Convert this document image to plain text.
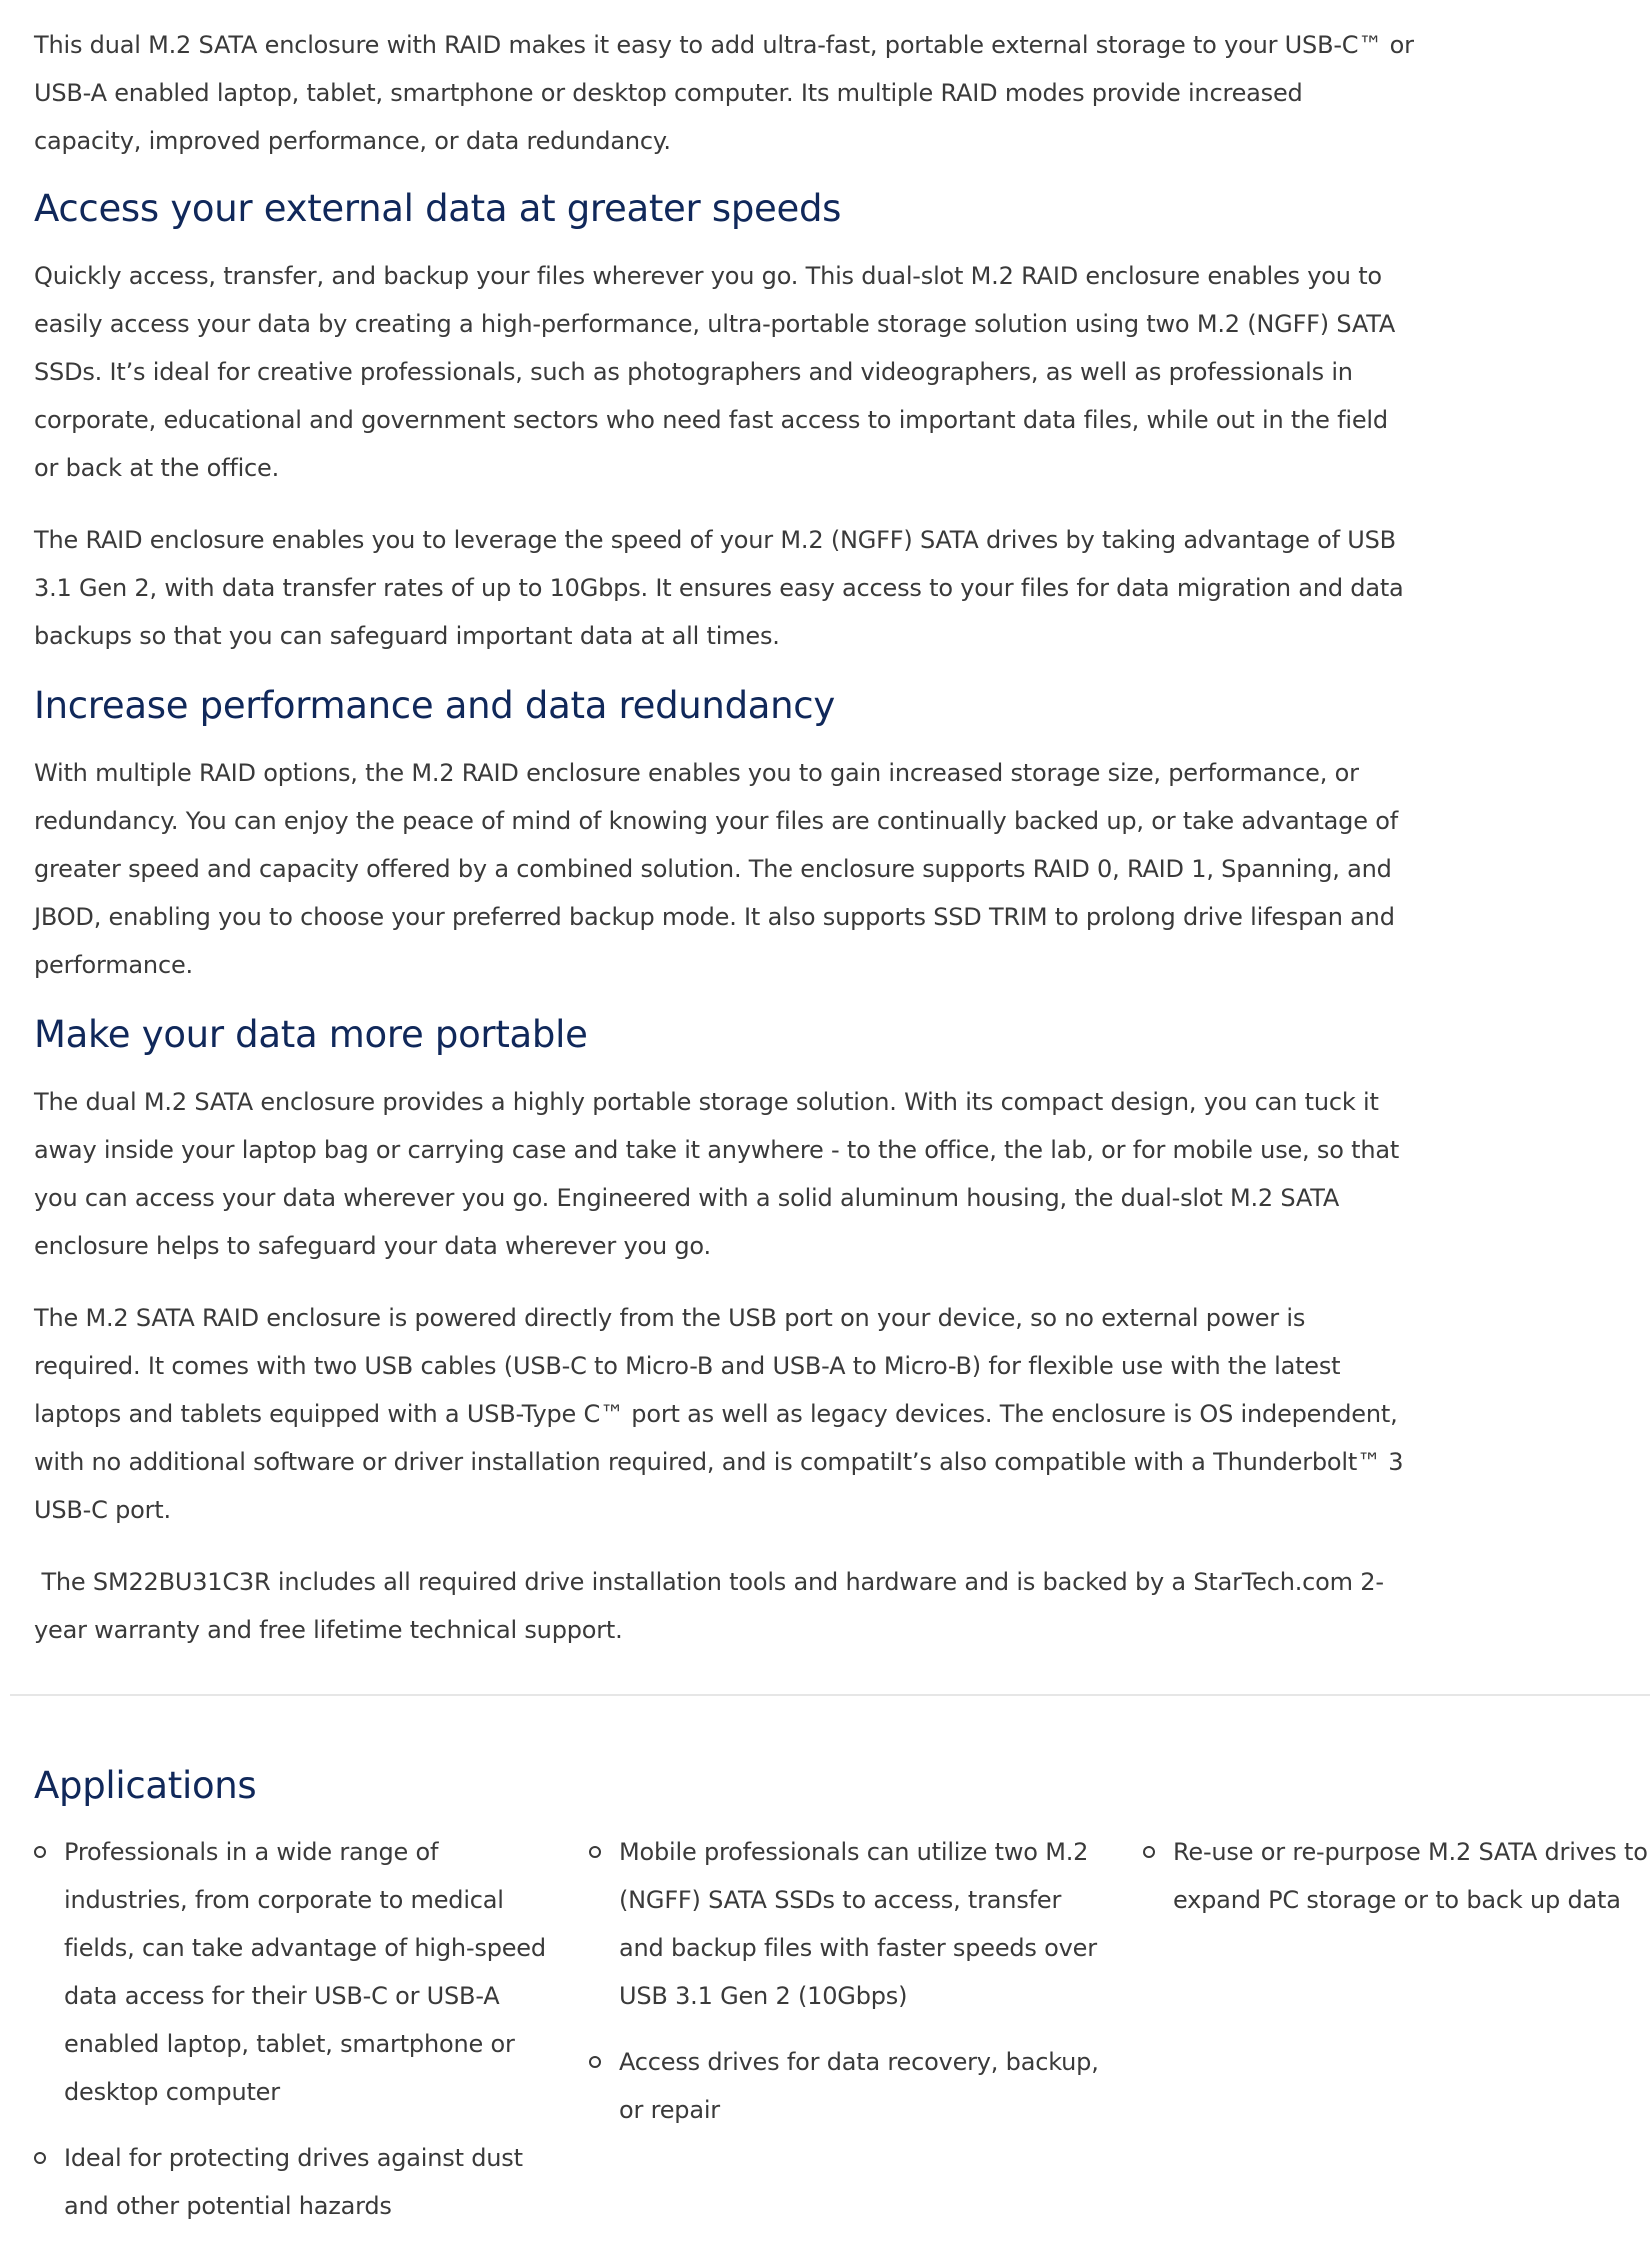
This dual M.2 SATA enclosure with RAID makes it easy to add ultra-fast, portable external storage to your USB-C™ or USB-A enabled laptop, tablet, smartphone or desktop computer. Its multiple RAID modes provide increased capacity, improved performance, or data redundancy.

Access your external data at greater speeds

Quickly access, transfer, and backup your files wherever you go. This dual-slot M.2 RAID enclosure enables you to easily access your data by creating a high-performance, ultra-portable storage solution using two M.2 (NGFF) SATA SSDs. It’s ideal for creative professionals, such as photographers and videographers, as well as professionals in corporate, educational and government sectors who need fast access to important data files, while out in the field or back at the office.

The RAID enclosure enables you to leverage the speed of your M.2 (NGFF) SATA drives by taking advantage of USB 3.1 Gen 2, with data transfer rates of up to 10Gbps. It ensures easy access to your files for data migration and data backups so that you can safeguard important data at all times.

Increase performance and data redundancy

With multiple RAID options, the M.2 RAID enclosure enables you to gain increased storage size, performance, or redundancy. You can enjoy the peace of mind of knowing your files are continually backed up, or take advantage of greater speed and capacity offered by a combined solution. The enclosure supports RAID 0, RAID 1, Spanning, and JBOD, enabling you to choose your preferred backup mode. It also supports SSD TRIM to prolong drive lifespan and performance.

Make your data more portable

The dual M.2 SATA enclosure provides a highly portable storage solution. With its compact design, you can tuck it away inside your laptop bag or carrying case and take it anywhere - to the office, the lab, or for mobile use, so that you can access your data wherever you go. Engineered with a solid aluminum housing, the dual-slot M.2 SATA enclosure helps to safeguard your data wherever you go.

The M.2 SATA RAID enclosure is powered directly from the USB port on your device, so no external power is required. It comes with two USB cables (USB-C to Micro-B and USB-A to Micro-B) for flexible use with the latest laptops and tablets equipped with a USB-Type C™ port as well as legacy devices. The enclosure is OS independent, with no additional software or driver installation required, and is compatiIt’s also compatible with a Thunderbolt™ 3 USB-C port.

The SM22BU31C3R includes all required drive installation tools and hardware and is backed by a StarTech.com 2-year warranty and free lifetime technical support.

Applications
Professionals in a wide range of industries, from corporate to medical fields, can take advantage of high-speed data access for their USB-C or USB-A enabled laptop, tablet, smartphone or desktop computer
Ideal for protecting drives against dust and other potential hazards
Mobile professionals can utilize two M.2 (NGFF) SATA SSDs to access, transfer and backup files with faster speeds over USB 3.1 Gen 2 (10Gbps)
Access drives for data recovery, backup, or repair
Re-use or re-purpose M.2 SATA drives to expand PC storage or to back up data
